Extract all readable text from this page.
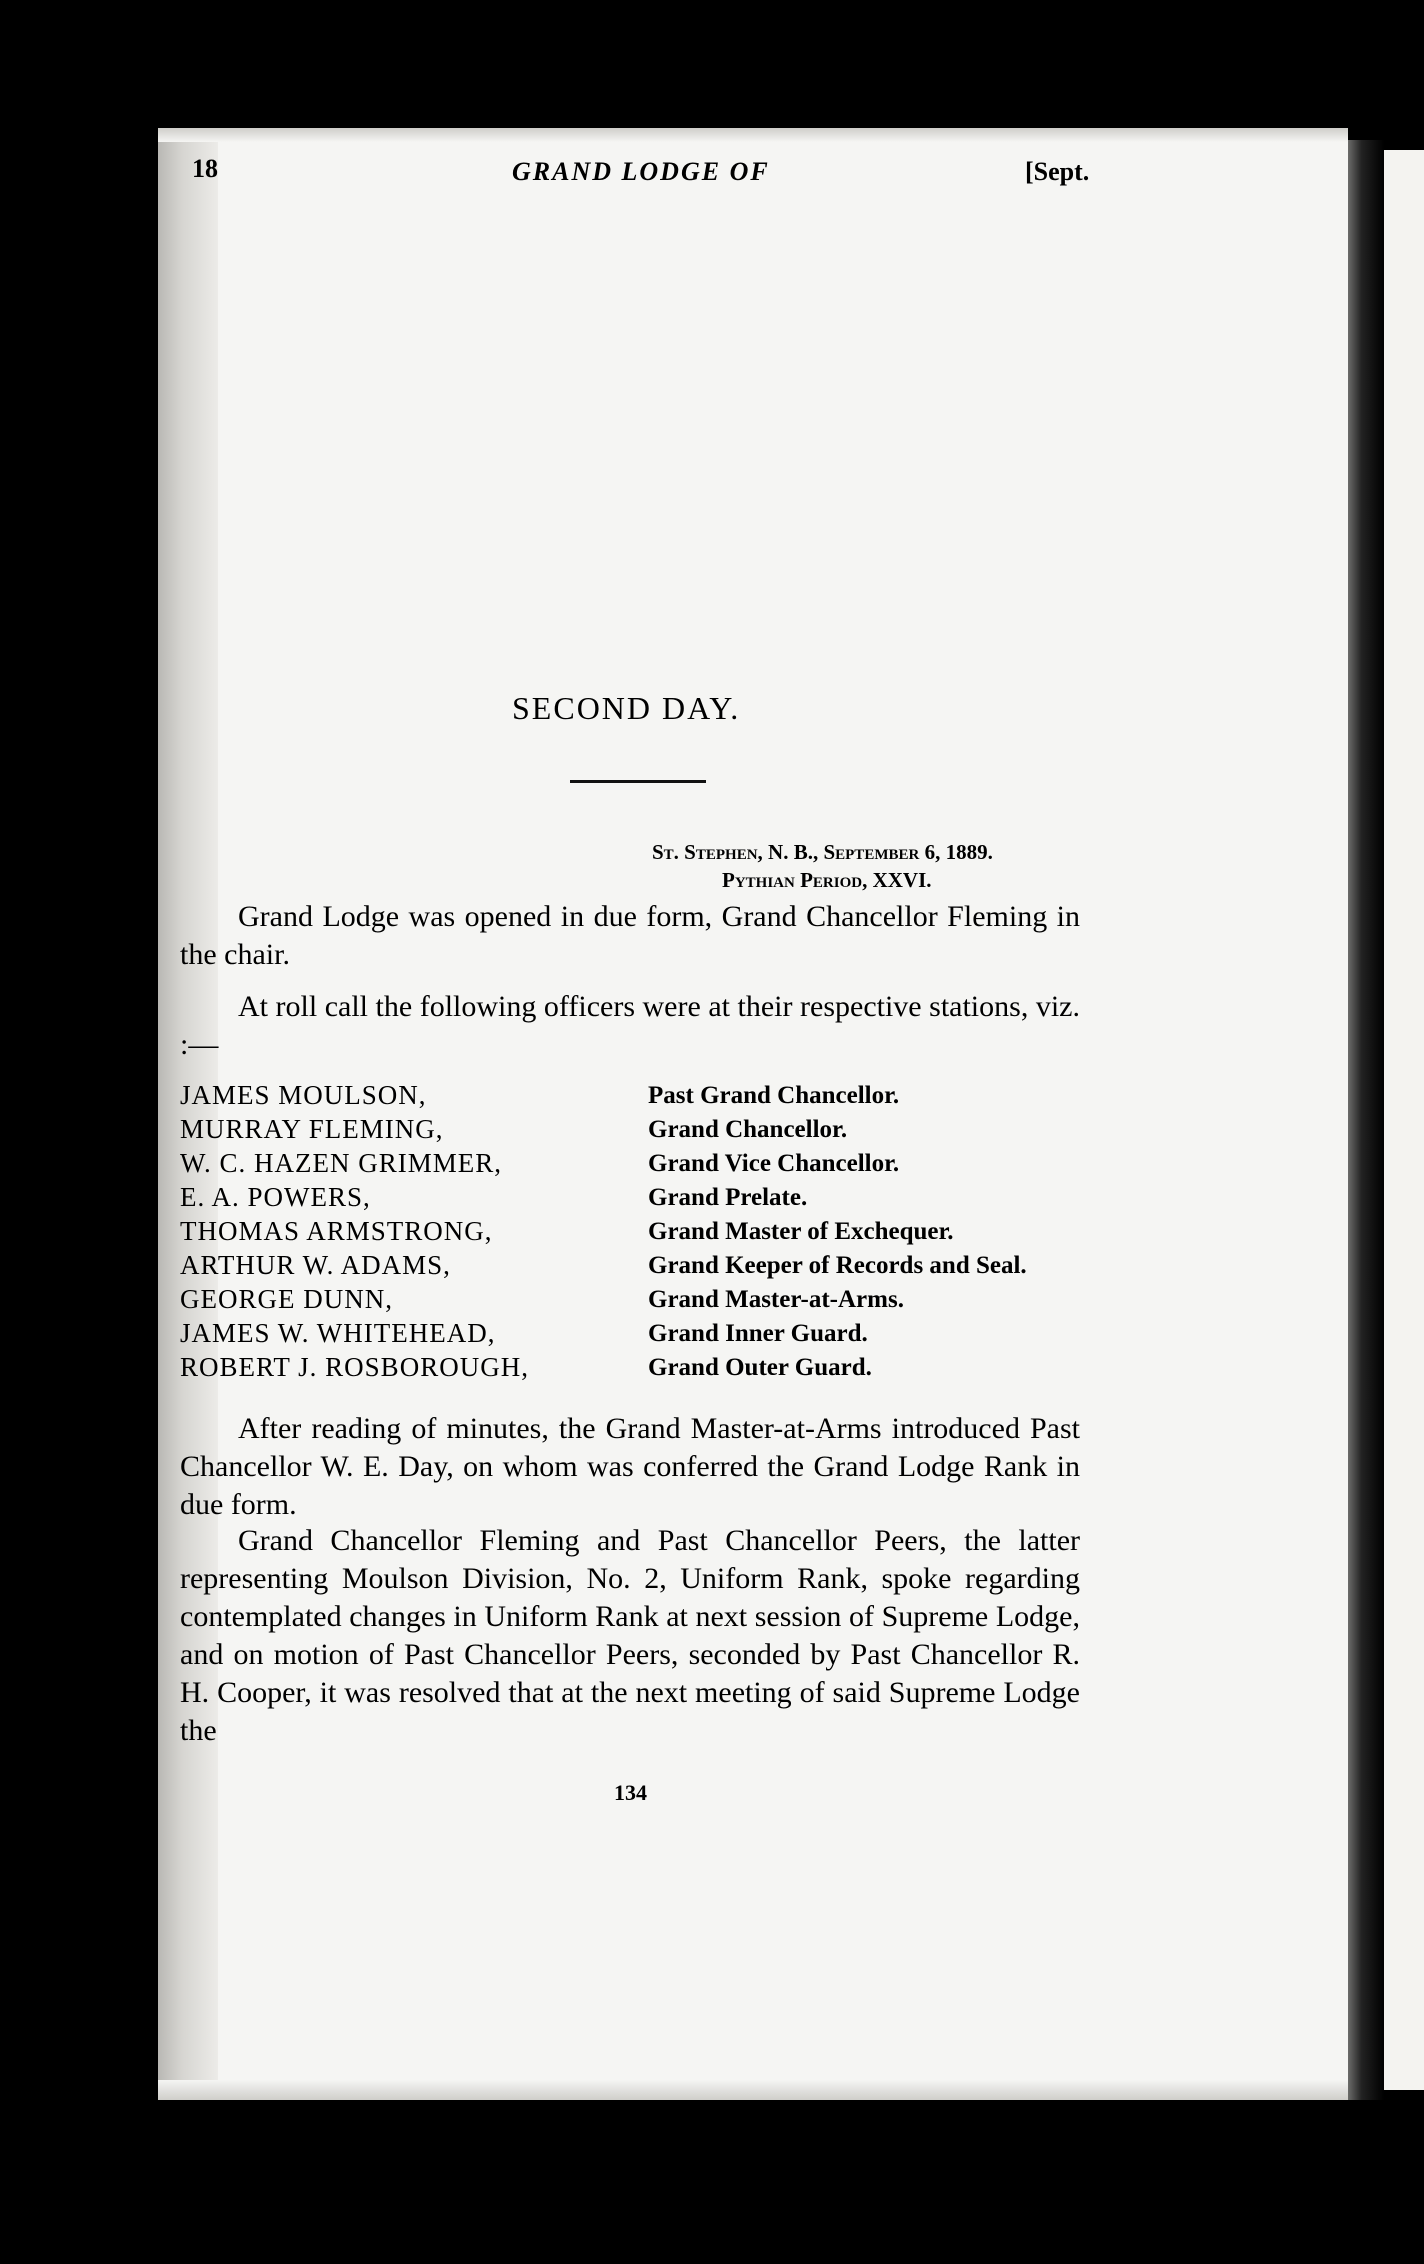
18	GRAND LODGE OF	[Sept.
SECOND DAY.
St. Stephen, N. B., September 6, 1889.
Pythian Period, XXVI.
Grand Lodge was opened in due form, Grand Chancellor Fleming in the chair.
At roll call the following officers were at their respective stations, viz. :—
JAMES MOULSON,	Past Grand Chancellor.
MURRAY FLEMING,	Grand Chancellor.
W. C. HAZEN GRIMMER,	Grand Vice Chancellor.
E. A. POWERS,	Grand Prelate.
THOMAS ARMSTRONG,	Grand Master of Exchequer.
ARTHUR W. ADAMS,	Grand Keeper of Records and Seal.
GEORGE DUNN,	Grand Master-at-Arms.
JAMES W. WHITEHEAD,	Grand Inner Guard.
ROBERT J. ROSBOROUGH,	Grand Outer Guard.
After reading of minutes, the Grand Master-at-Arms introduced Past Chancellor W. E. Day, on whom was conferred the Grand Lodge Rank in due form.
Grand Chancellor Fleming and Past Chancellor Peers, the latter representing Moulson Division, No. 2, Uniform Rank, spoke regarding contemplated changes in Uniform Rank at next session of Supreme Lodge, and on motion of Past Chancellor Peers, seconded by Past Chancellor R. H. Cooper, it was resolved that at the next meeting of said Supreme Lodge the
134
